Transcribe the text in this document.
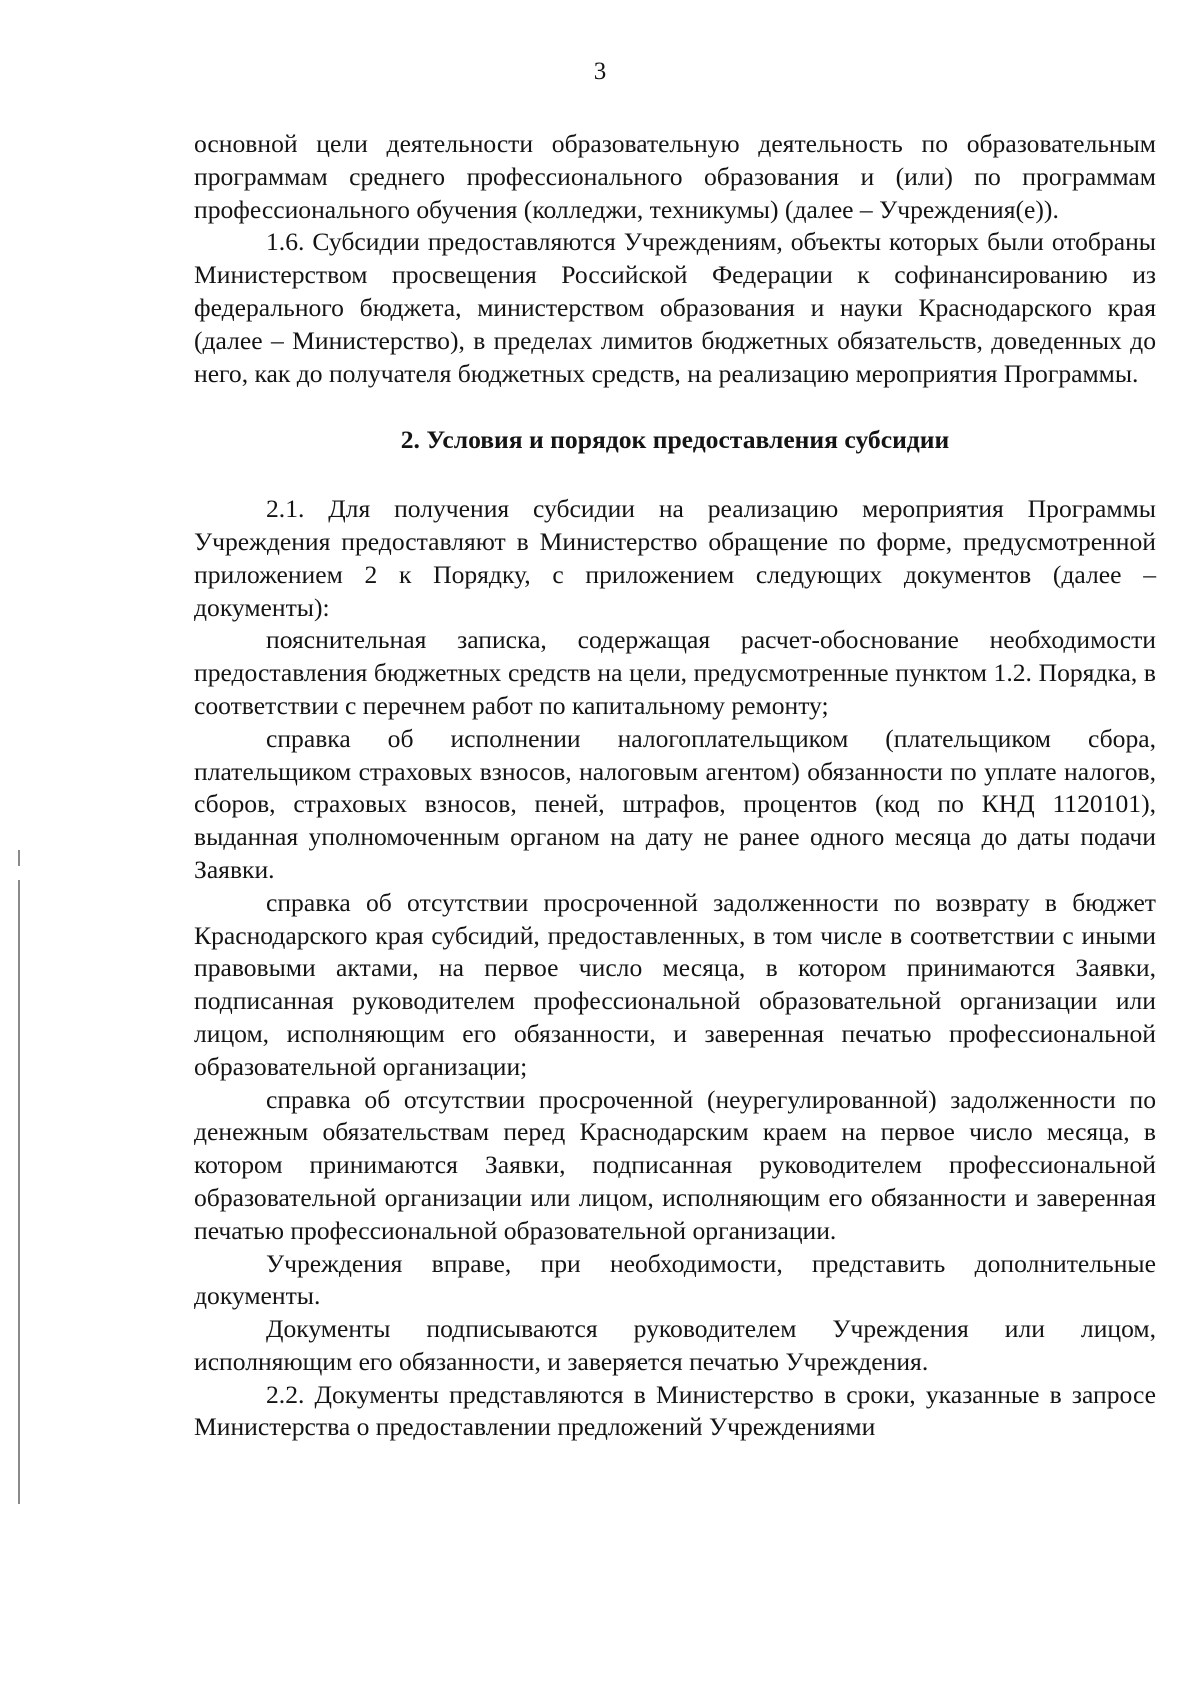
3

основной цели деятельности образовательную деятельность по образовательным программам среднего профессионального образования и (или) по программам профессионального обучения (колледжи, техникумы) (далее – Учреждения(е)).

1.6. Субсидии предоставляются Учреждениям, объекты которых были отобраны Министерством просвещения Российской Федерации к софинансированию из федерального бюджета, министерством образования и науки Краснодарского края (далее – Министерство), в пределах лимитов бюджетных обязательств, доведенных до него, как до получателя бюджетных средств, на реализацию мероприятия Программы.

2. Условия и порядок предоставления субсидии

2.1. Для получения субсидии на реализацию мероприятия Программы Учреждения предоставляют в Министерство обращение по форме, предусмотренной приложением 2 к Порядку, с приложением следующих документов (далее – документы):

пояснительная записка, содержащая расчет-обоснование необходимости предоставления бюджетных средств на цели, предусмотренные пунктом 1.2. Порядка, в соответствии с перечнем работ по капитальному ремонту;

справка об исполнении налогоплательщиком (плательщиком сбора, плательщиком страховых взносов, налоговым агентом) обязанности по уплате налогов, сборов, страховых взносов, пеней, штрафов, процентов (код по КНД 1120101), выданная уполномоченным органом на дату не ранее одного месяца до даты подачи Заявки.

справка об отсутствии просроченной задолженности по возврату в бюджет Краснодарского края субсидий, предоставленных, в том числе в соответствии с иными правовыми актами, на первое число месяца, в котором принимаются Заявки, подписанная руководителем профессиональной образовательной организации или лицом, исполняющим его обязанности, и заверенная печатью профессиональной образовательной организации;

справка об отсутствии просроченной (неурегулированной) задолженности по денежным обязательствам перед Краснодарским краем на первое число месяца, в котором принимаются Заявки, подписанная руководителем профессиональной образовательной организации или лицом, исполняющим его обязанности и заверенная печатью профессиональной образовательной организации.

Учреждения вправе, при необходимости, представить дополнительные документы.

Документы подписываются руководителем Учреждения или лицом, исполняющим его обязанности, и заверяется печатью Учреждения.

2.2. Документы представляются в Министерство в сроки, указанные в запросе Министерства о предоставлении предложений Учреждениями
